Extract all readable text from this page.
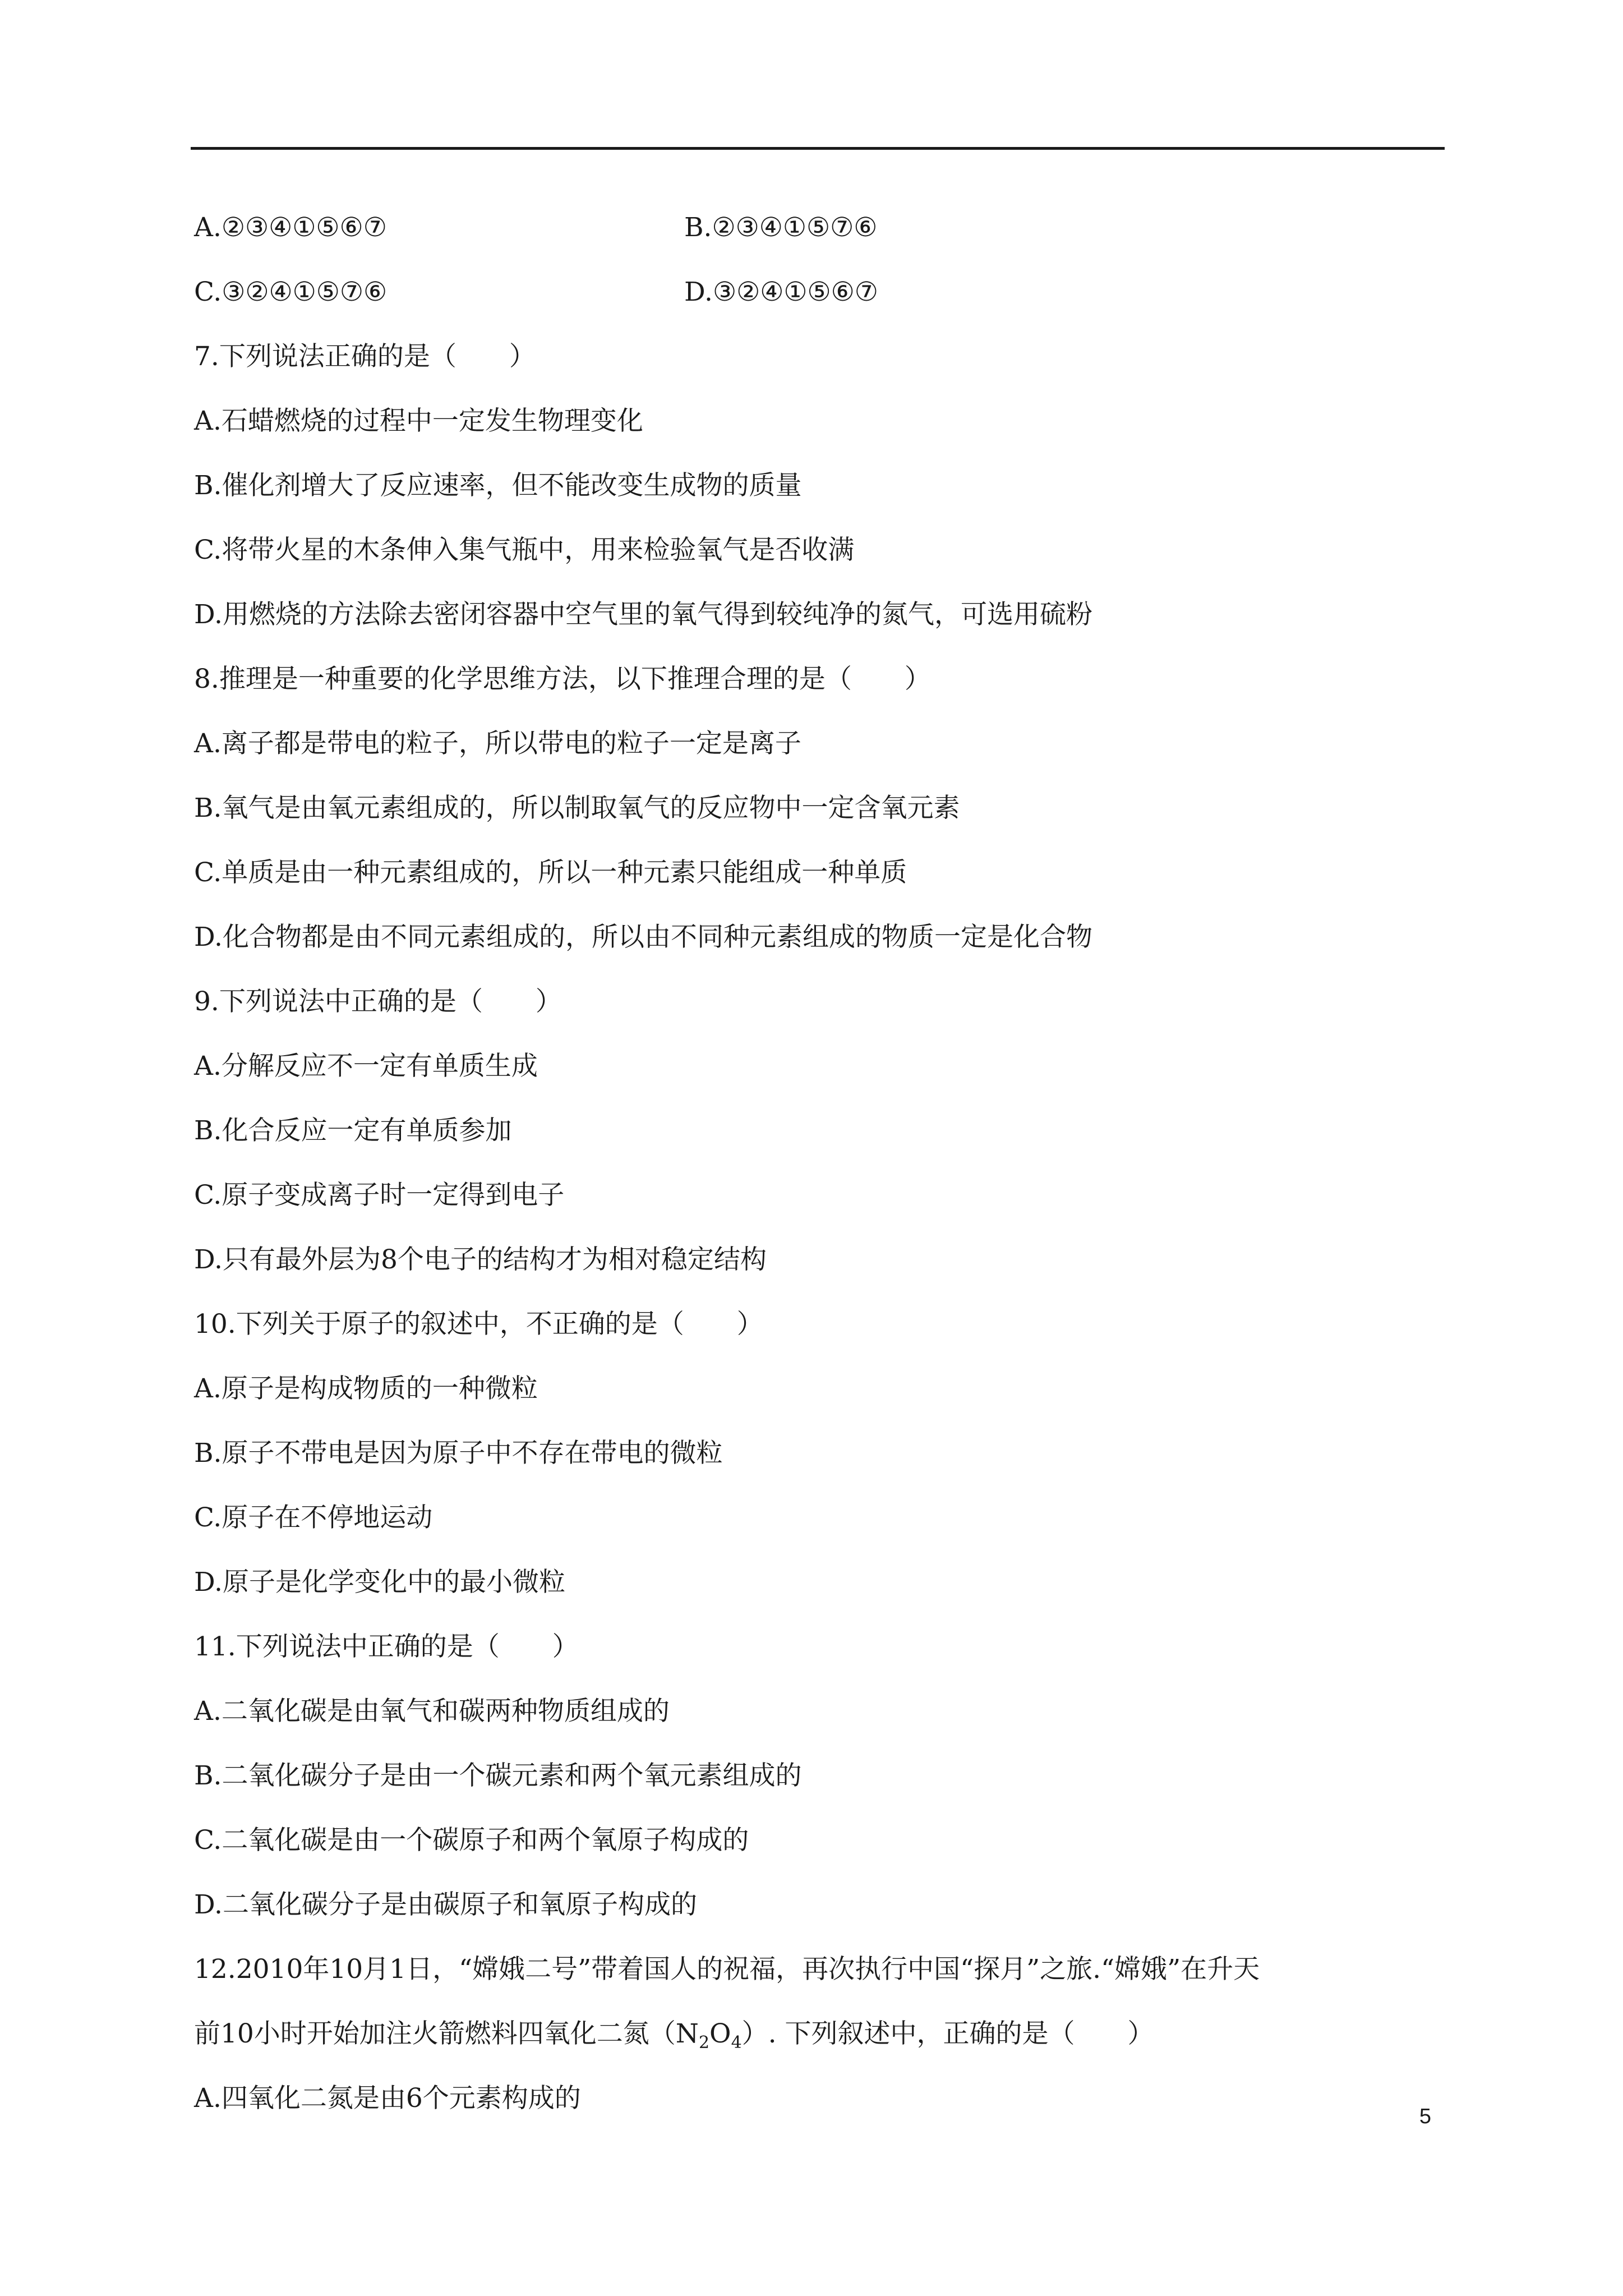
A.②③④①⑤⑥⑦	B.②③④①⑤⑦⑥
C.③②④①⑤⑦⑥	D.③②④①⑤⑥⑦
7.下列说法正确的是（　　）
A.石蜡燃烧的过程中一定发生物理变化
B.催化剂增大了反应速率，但不能改变生成物的质量
C.将带火星的木条伸入集气瓶中，用来检验氧气是否收满
D.用燃烧的方法除去密闭容器中空气里的氧气得到较纯净的氮气，可选用硫粉
8.推理是一种重要的化学思维方法，以下推理合理的是（　　）
A.离子都是带电的粒子，所以带电的粒子一定是离子
B.氧气是由氧元素组成的，所以制取氧气的反应物中一定含氧元素
C.单质是由一种元素组成的，所以一种元素只能组成一种单质
D.化合物都是由不同元素组成的，所以由不同种元素组成的物质一定是化合物
9.下列说法中正确的是（　　）
A.分解反应不一定有单质生成
B.化合反应一定有单质参加
C.原子变成离子时一定得到电子
D.只有最外层为8个电子的结构才为相对稳定结构
10.下列关于原子的叙述中，不正确的是（　　）
A.原子是构成物质的一种微粒
B.原子不带电是因为原子中不存在带电的微粒
C.原子在不停地运动
D.原子是化学变化中的最小微粒
11.下列说法中正确的是（　　）
A.二氧化碳是由氧气和碳两种物质组成的
B.二氧化碳分子是由一个碳元素和两个氧元素组成的
C.二氧化碳是由一个碳原子和两个氧原子构成的
D.二氧化碳分子是由碳原子和氧原子构成的
12.2010年10月1日，“嫦娥二号”带着国人的祝福，再次执行中国“探月”之旅.“嫦娥”在升天
前10小时开始加注火箭燃料四氧化二氮$(N_2O_4)$. 下列叙述中，正确的是（　　）
A.四氧化二氮是由6个元素构成的
5
